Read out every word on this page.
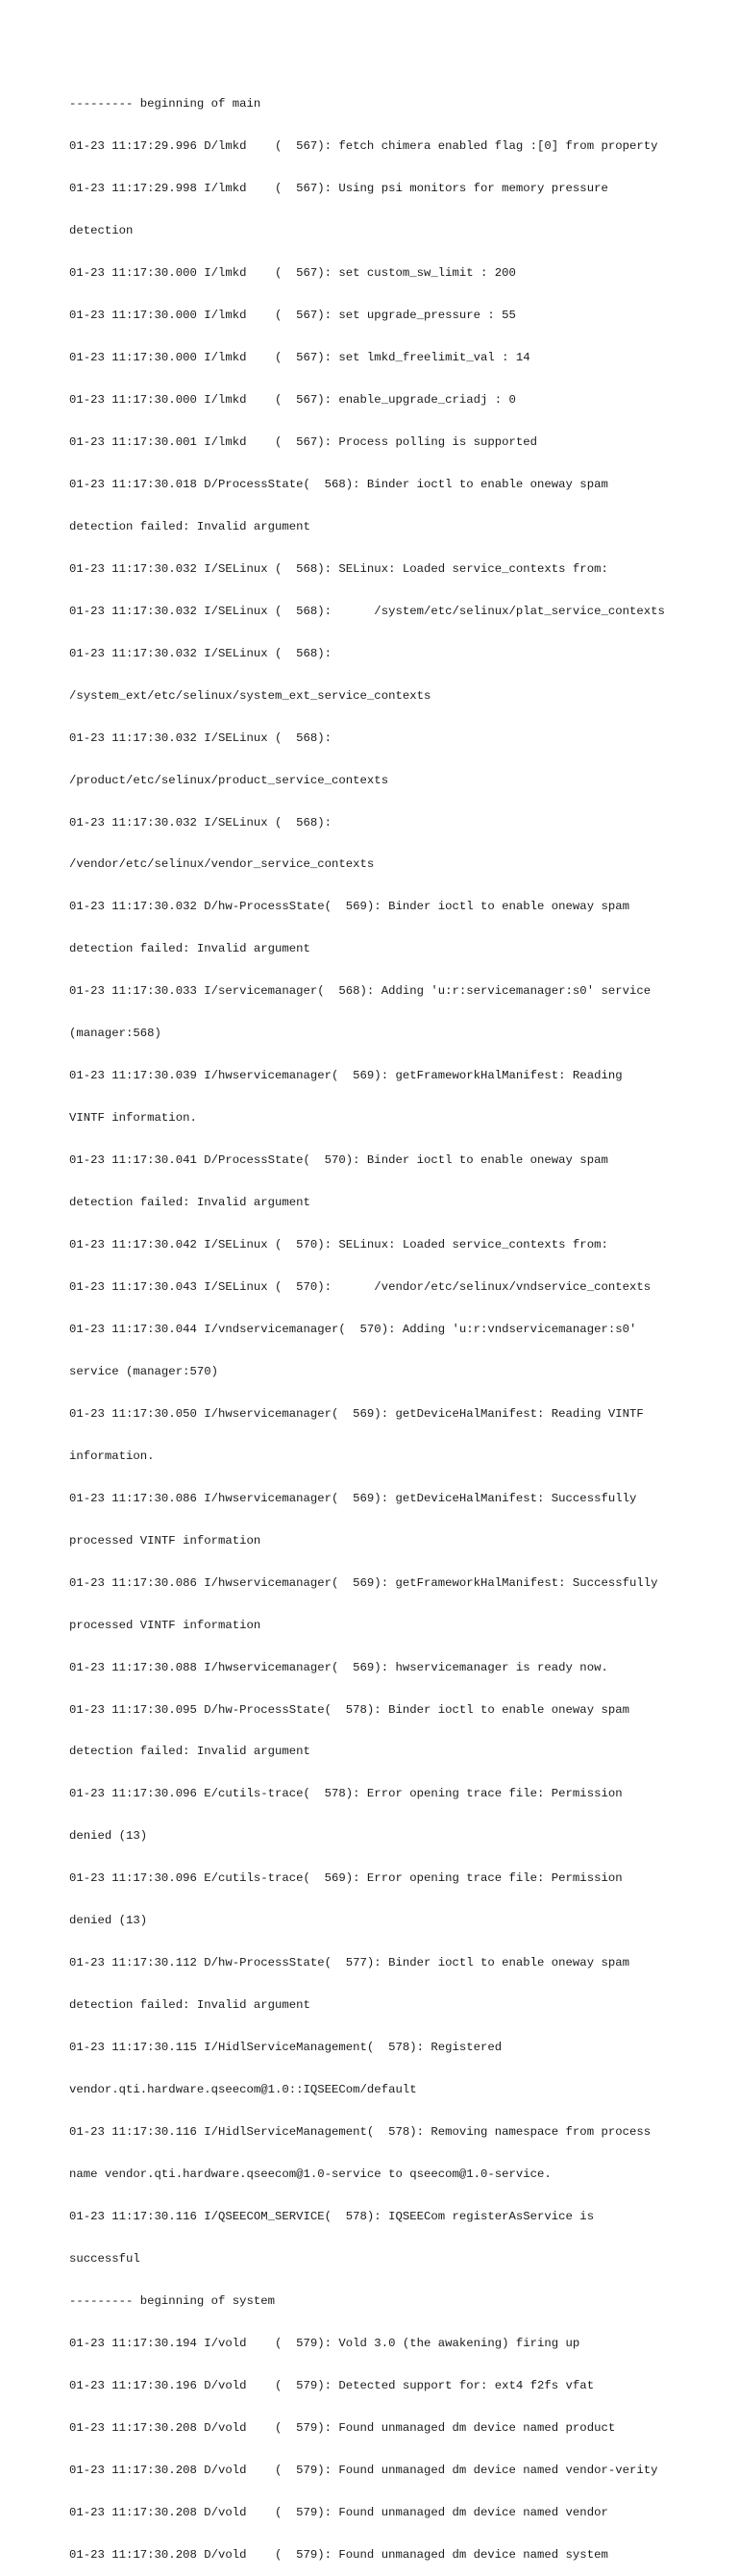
--------- beginning of main

01-23 11:17:29.996 D/lmkd    (  567): fetch chimera enabled flag :[0] from property

01-23 11:17:29.998 I/lmkd    (  567): Using psi monitors for memory pressure

detection

01-23 11:17:30.000 I/lmkd    (  567): set custom_sw_limit : 200

01-23 11:17:30.000 I/lmkd    (  567): set upgrade_pressure : 55

01-23 11:17:30.000 I/lmkd    (  567): set lmkd_freelimit_val : 14

01-23 11:17:30.000 I/lmkd    (  567): enable_upgrade_criadj : 0

01-23 11:17:30.001 I/lmkd    (  567): Process polling is supported

01-23 11:17:30.018 D/ProcessState(  568): Binder ioctl to enable oneway spam

detection failed: Invalid argument

01-23 11:17:30.032 I/SELinux (  568): SELinux: Loaded service_contexts from:

01-23 11:17:30.032 I/SELinux (  568):      /system/etc/selinux/plat_service_contexts

01-23 11:17:30.032 I/SELinux (  568):

/system_ext/etc/selinux/system_ext_service_contexts

01-23 11:17:30.032 I/SELinux (  568):

/product/etc/selinux/product_service_contexts

01-23 11:17:30.032 I/SELinux (  568):

/vendor/etc/selinux/vendor_service_contexts

01-23 11:17:30.032 D/hw-ProcessState(  569): Binder ioctl to enable oneway spam

detection failed: Invalid argument

01-23 11:17:30.033 I/servicemanager(  568): Adding 'u:r:servicemanager:s0' service

(manager:568)

01-23 11:17:30.039 I/hwservicemanager(  569): getFrameworkHalManifest: Reading

VINTF information.

01-23 11:17:30.041 D/ProcessState(  570): Binder ioctl to enable oneway spam

detection failed: Invalid argument

01-23 11:17:30.042 I/SELinux (  570): SELinux: Loaded service_contexts from:

01-23 11:17:30.043 I/SELinux (  570):      /vendor/etc/selinux/vndservice_contexts

01-23 11:17:30.044 I/vndservicemanager(  570): Adding 'u:r:vndservicemanager:s0'

service (manager:570)

01-23 11:17:30.050 I/hwservicemanager(  569): getDeviceHalManifest: Reading VINTF

information.

01-23 11:17:30.086 I/hwservicemanager(  569): getDeviceHalManifest: Successfully

processed VINTF information

01-23 11:17:30.086 I/hwservicemanager(  569): getFrameworkHalManifest: Successfully

processed VINTF information

01-23 11:17:30.088 I/hwservicemanager(  569): hwservicemanager is ready now.

01-23 11:17:30.095 D/hw-ProcessState(  578): Binder ioctl to enable oneway spam

detection failed: Invalid argument

01-23 11:17:30.096 E/cutils-trace(  578): Error opening trace file: Permission

denied (13)

01-23 11:17:30.096 E/cutils-trace(  569): Error opening trace file: Permission

denied (13)

01-23 11:17:30.112 D/hw-ProcessState(  577): Binder ioctl to enable oneway spam

detection failed: Invalid argument

01-23 11:17:30.115 I/HidlServiceManagement(  578): Registered

vendor.qti.hardware.qseecom@1.0::IQSEECom/default

01-23 11:17:30.116 I/HidlServiceManagement(  578): Removing namespace from process

name vendor.qti.hardware.qseecom@1.0-service to qseecom@1.0-service.

01-23 11:17:30.116 I/QSEECOM_SERVICE(  578): IQSEECom registerAsService is

successful

--------- beginning of system

01-23 11:17:30.194 I/vold    (  579): Vold 3.0 (the awakening) firing up

01-23 11:17:30.196 D/vold    (  579): Detected support for: ext4 f2fs vfat

01-23 11:17:30.208 D/vold    (  579): Found unmanaged dm device named product

01-23 11:17:30.208 D/vold    (  579): Found unmanaged dm device named vendor-verity

01-23 11:17:30.208 D/vold    (  579): Found unmanaged dm device named vendor

01-23 11:17:30.208 D/vold    (  579): Found unmanaged dm device named system
